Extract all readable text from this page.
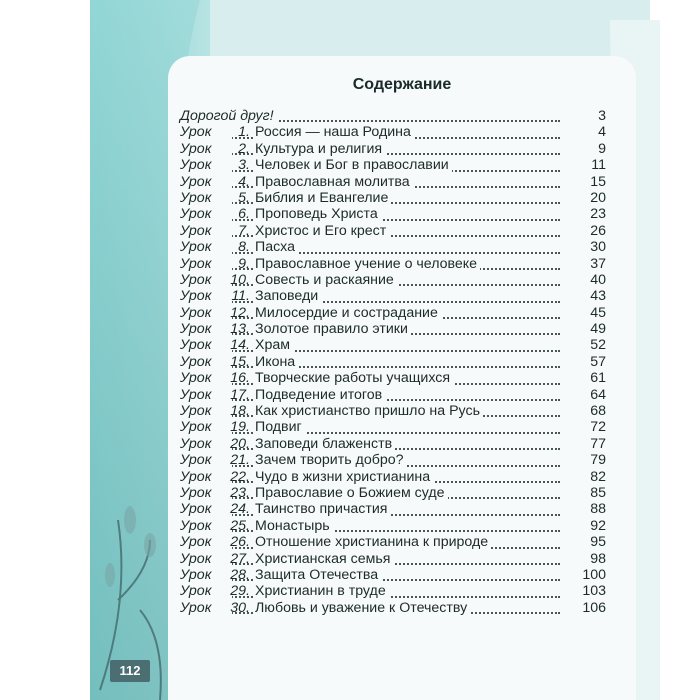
Содержание
Дорогой друг!	3
Урок	1. Россия — наша Родина	4
Урок	2. Культура и религия	9
Урок	3. Человек и Бог в православии	11
Урок	4. Православная молитва	15
Урок	5. Библия и Евангелие	20
Урок	6. Проповедь Христа	23
Урок	7. Христос и Его крест	26
Урок	8. Пасха	30
Урок	9. Православное учение о человеке	37
Урок	10. Совесть и раскаяние	40
Урок	11. Заповеди	43
Урок	12. Милосердие и сострадание	45
Урок	13. Золотое правило этики	49
Урок	14. Храм	52
Урок	15. Икона	57
Урок	16. Творческие работы учащихся	61
Урок	17. Подведение итогов	64
Урок	18. Как христианство пришло на Русь	68
Урок	19. Подвиг	72
Урок	20. Заповеди блаженств	77
Урок	21. Зачем творить добро?	79
Урок	22. Чудо в жизни христианина	82
Урок	23. Православие о Божием суде	85
Урок	24. Таинство причастия	88
Урок	25. Монастырь	92
Урок	26. Отношение христианина к природе	95
Урок	27. Христианская семья	98
Урок	28. Защита Отечества	100
Урок	29. Христианин в труде	103
Урок	30. Любовь и уважение к Отечеству	106
112
